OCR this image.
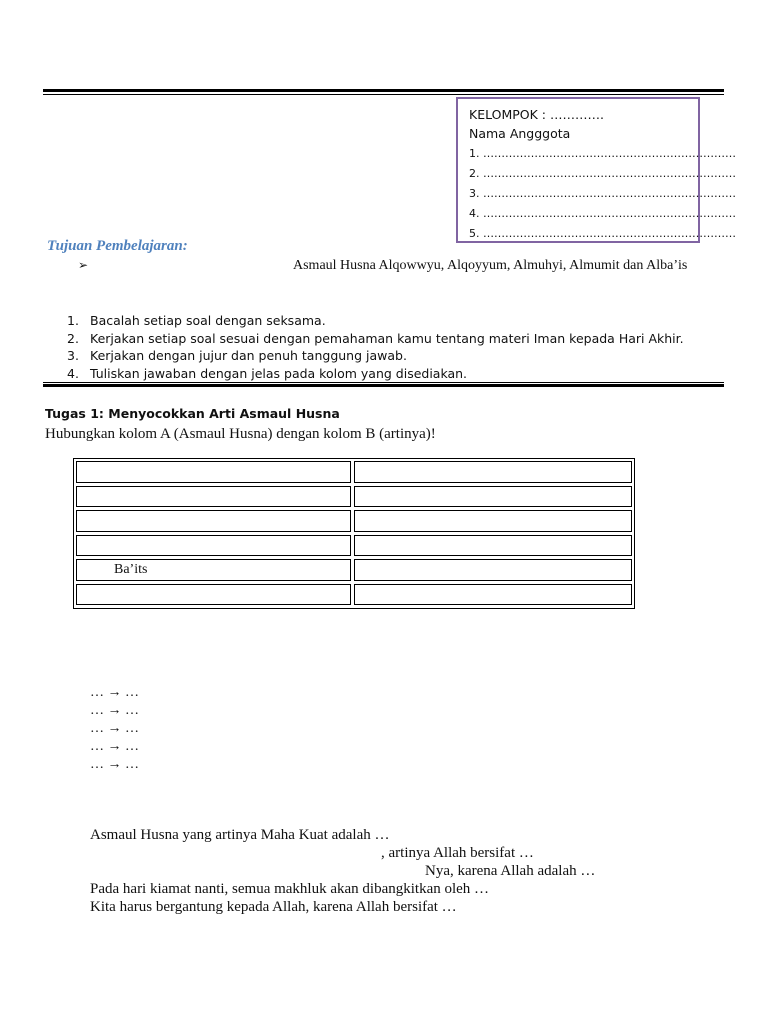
KELOMPOK : ………….
Nama Angggota
1. ……………………………………………………………
2. ……………………………………………………………
3. ……………………………………………………………
4. ……………………………………………………………
5. ……………………………………………………………
Tujuan Pembelajaran:
➢	Asmaul Husna Alqowwyu, Alqoyyum, Almuhyi, Almumit dan Alba’is
1. Bacalah setiap soal dengan seksama.
2. Kerjakan setiap soal sesuai dengan pemahaman kamu tentang materi Iman kepada Hari Akhir.
3. Kerjakan dengan jujur dan penuh tanggung jawab.
4. Tuliskan jawaban dengan jelas pada kolom yang disediakan.
Tugas 1: Menyocokkan Arti Asmaul Husna
Hubungkan kolom A (Asmaul Husna) dengan kolom B (artinya)!
Ba’its
… → …
… → …
… → …
… → …
… → …
Asmaul Husna yang artinya Maha Kuat adalah …
, artinya Allah bersifat …
Nya, karena Allah adalah …
Pada hari kiamat nanti, semua makhluk akan dibangkitkan oleh …
Kita harus bergantung kepada Allah, karena Allah bersifat …
